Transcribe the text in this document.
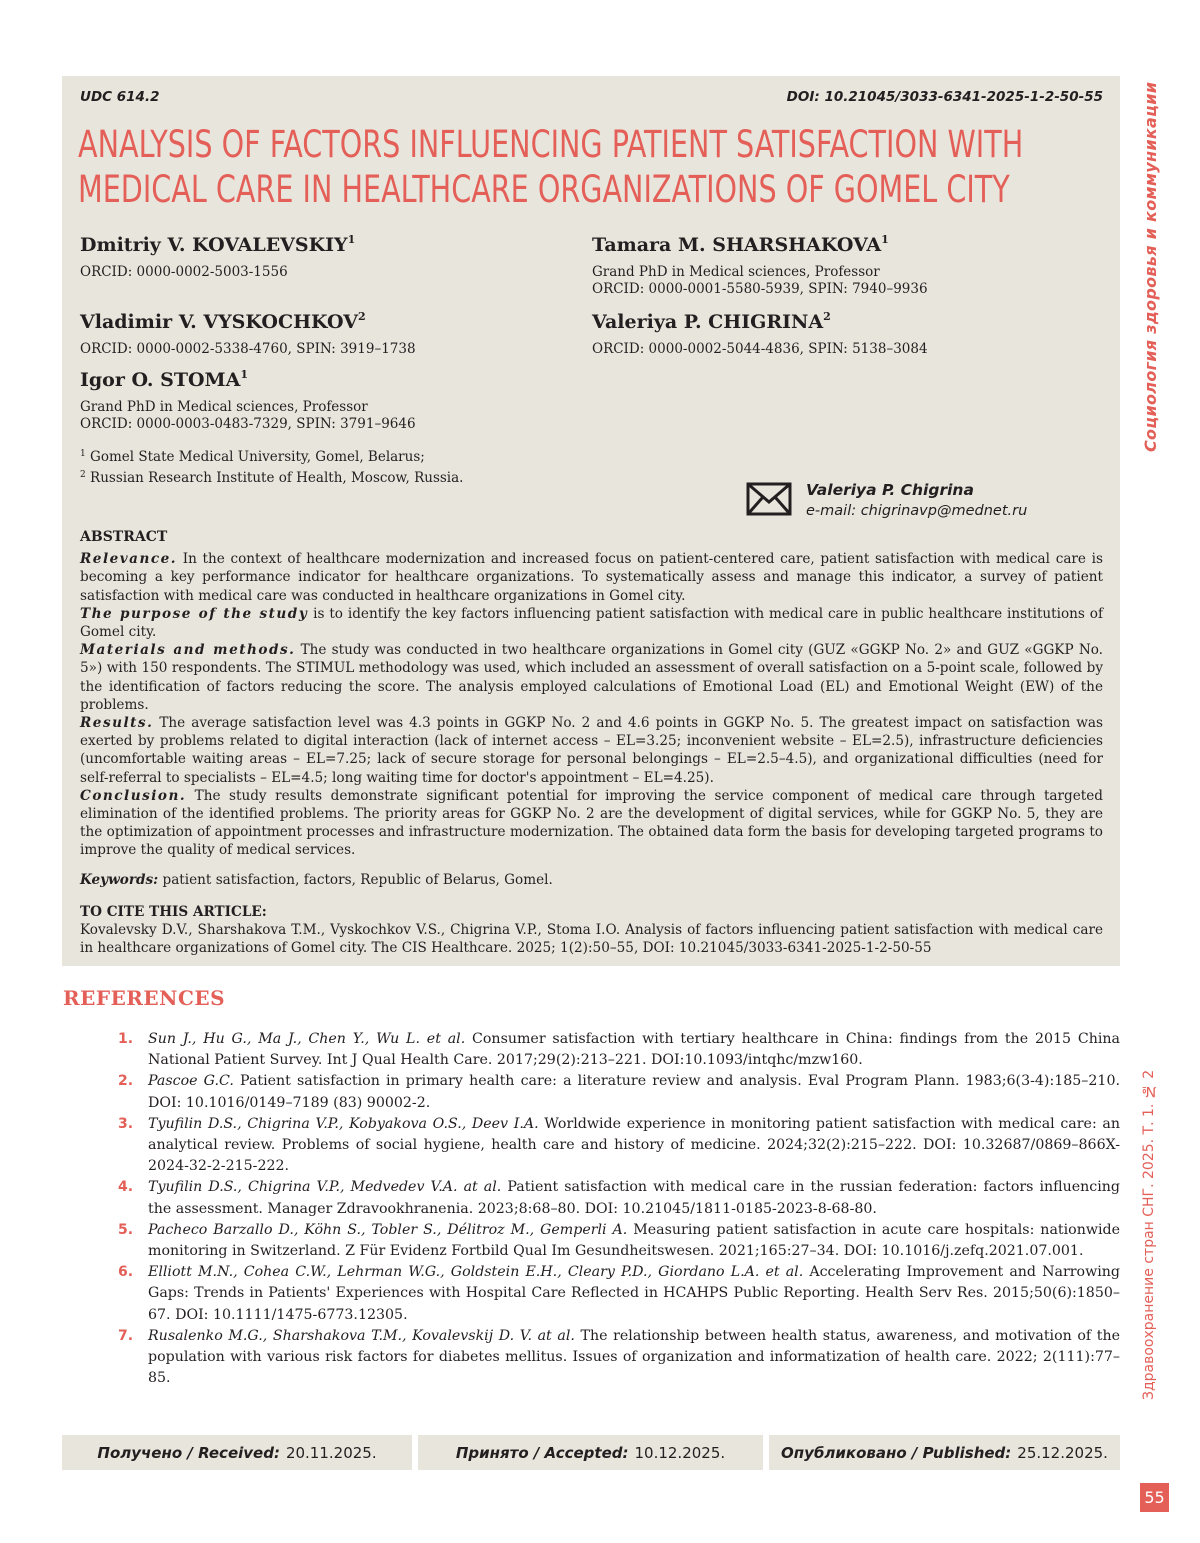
Социология здоровья и коммуникации
Здравоохранение стран СНГ. 2025. Т. 1. № 2
55
UDC 614.2	DOI: 10.21045/3033-6341-2025-1-2-50-55
ANALYSIS OF FACTORS INFLUENCING PATIENT SATISFACTION WITH
MEDICAL CARE IN HEALTHCARE ORGANIZATIONS OF GOMEL CITY
Dmitriy V. KOVALEVSKIY$^1$
ORCID: 0000-0002-5003-1556
Tamara M. SHARSHAKOVA$^1$
Grand PhD in Medical sciences, Professor
ORCID: 0000-0001-5580-5939, SPIN: 7940–9936
Vladimir V. VYSKOCHKOV$^2$
ORCID: 0000-0002-5338-4760, SPIN: 3919–1738
Valeriya P. CHIGRINA$^2$
ORCID: 0000-0002-5044-4836, SPIN: 5138–3084
Igor O. STOMA$^1$
Grand PhD in Medical sciences, Professor
ORCID: 0000-0003-0483-7329, SPIN: 3791–9646
$^1$ Gomel State Medical University, Gomel, Belarus;
$^2$ Russian Research Institute of Health, Moscow, Russia.
Valeriya P. Chigrina
e-mail: chigrinavp@mednet.ru
ABSTRACT

Relevance. In the context of healthcare modernization and increased focus on patient-centered care, patient satisfaction with medical care is becoming a key performance indicator for healthcare organizations. To systematically assess and manage this indicator, a survey of patient satisfaction with medical care was conducted in healthcare organizations in Gomel city.

The purpose of the study is to identify the key factors influencing patient satisfaction with medical care in public healthcare institutions of Gomel city.

Materials and methods. The study was conducted in two healthcare organizations in Gomel city (GUZ «GGKP No. 2» and GUZ «GGKP No. 5») with 150 respondents. The STIMUL methodology was used, which included an assessment of overall satisfaction on a 5-point scale, followed by the identification of factors reducing the score. The analysis employed calculations of Emotional Load (EL) and Emotional Weight (EW) of the problems.

Results. The average satisfaction level was 4.3 points in GGKP No. 2 and 4.6 points in GGKP No. 5. The greatest impact on satisfaction was exerted by problems related to digital interaction (lack of internet access – EL=3.25; inconvenient website – EL=2.5), infrastructure deficiencies (uncomfortable waiting areas – EL=7.25; lack of secure storage for personal belongings – EL=2.5–4.5), and organizational difficulties (need for self-referral to specialists – EL=4.5; long waiting time for doctor's appointment – EL=4.25).

Conclusion. The study results demonstrate significant potential for improving the service component of medical care through targeted elimination of the identified problems. The priority areas for GGKP No. 2 are the development of digital services, while for GGKP No. 5, they are the optimization of appointment processes and infrastructure modernization. The obtained data form the basis for developing targeted programs to improve the quality of medical services.

Keywords: patient satisfaction, factors, Republic of Belarus, Gomel.

TO CITE THIS ARTICLE:

Kovalevsky D.V., Sharshakova T.M., Vyskochkov V.S., Chigrina V.P., Stoma I.O. Analysis of factors influencing patient satisfaction with medical care in healthcare organizations of Gomel city. The CIS Healthcare. 2025; 1(2):50–55, DOI: 10.21045/3033-6341-2025-1-2-50-55

REFERENCES
1. Sun J., Hu G., Ma J., Chen Y., Wu L. et al. Consumer satisfaction with tertiary healthcare in China: findings from the 2015 China National Patient Survey. Int J Qual Health Care. 2017;29(2):213–221. DOI:10.1093/intqhc/mzw160.
2. Pascoe G.C. Patient satisfaction in primary health care: a literature review and analysis. Eval Program Plann. 1983;6(3-4):185–210. DOI: 10.1016/0149–7189 (83) 90002-2.
3. Tyufilin D.S., Chigrina V.P., Kobyakova O.S., Deev I.A. Worldwide experience in monitoring patient satisfaction with medical care: an analytical review. Problems of social hygiene, health care and history of medicine. 2024;32(2):215–222. DOI: 10.32687/0869–866X-2024-32-2-215-222.
4. Tyufilin D.S., Chigrina V.P., Medvedev V.A. at al. Patient satisfaction with medical care in the russian federation: factors influencing the assessment. Manager Zdravookhranenia. 2023;8:68–80. DOI: 10.21045/1811-0185-2023-8-68-80.
5. Pacheco Barzallo D., Köhn S., Tobler S., Délitroz M., Gemperli A. Measuring patient satisfaction in acute care hospitals: nationwide monitoring in Switzerland. Z Für Evidenz Fortbild Qual Im Gesundheitswesen. 2021;165:27–34. DOI: 10.1016/j.zefq.2021.07.001.
6. Elliott M.N., Cohea C.W., Lehrman W.G., Goldstein E.H., Cleary P.D., Giordano L.A. et al. Accelerating Improvement and Narrowing Gaps: Trends in Patients' Experiences with Hospital Care Reflected in HCAHPS Public Reporting. Health Serv Res. 2015;50(6):1850–67. DOI: 10.1111/1475-6773.12305.
7. Rusalenko M.G., Sharshakova T.M., Kovalevskij D. V. at al. The relationship between health status, awareness, and motivation of the population with various risk factors for diabetes mellitus. Issues of organization and informatization of health care. 2022; 2(111):77–85.
Получено / Received: 20.11.2025.	Принято / Accepted: 10.12.2025.	Опубликовано / Published: 25.12.2025.
